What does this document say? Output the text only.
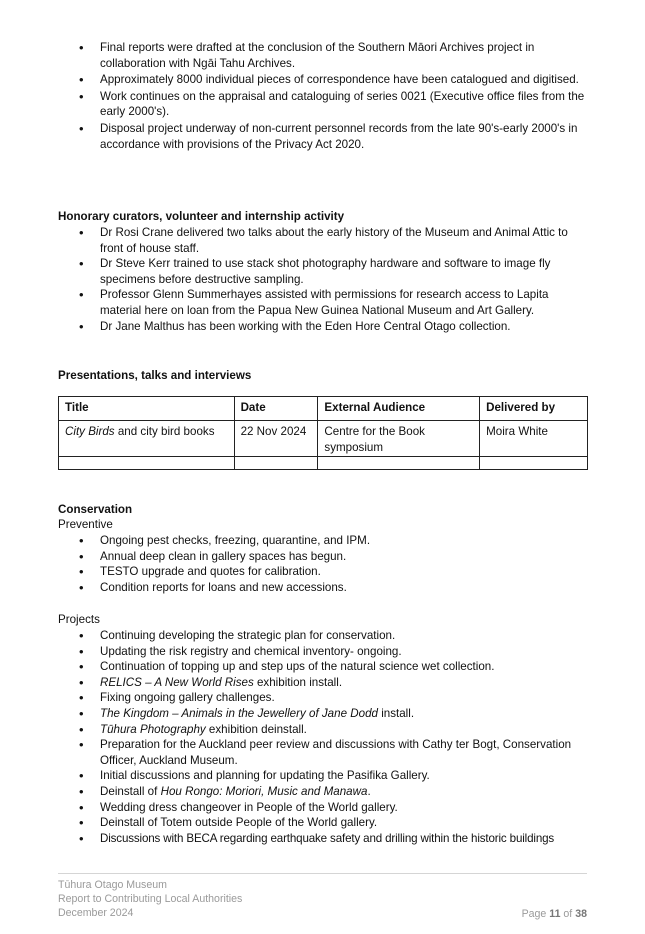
• Final reports were drafted at the conclusion of the Southern Māori Archives project in collaboration with Ngāi Tahu Archives.
• Approximately 8000 individual pieces of correspondence have been catalogued and digitised.
• Work continues on the appraisal and cataloguing of series 0021 (Executive office files from the early 2000's).
• Disposal project underway of non-current personnel records from the late 90's-early 2000's in accordance with provisions of the Privacy Act 2020.
Honorary curators, volunteer and internship activity
• Dr Rosi Crane delivered two talks about the early history of the Museum and Animal Attic to front of house staff.
• Dr Steve Kerr trained to use stack shot photography hardware and software to image fly specimens before destructive sampling.
• Professor Glenn Summerhayes assisted with permissions for research access to Lapita material here on loan from the Papua New Guinea National Museum and Art Gallery.
• Dr Jane Malthus has been working with the Eden Hore Central Otago collection.
Presentations, talks and interviews
Title	Date	External Audience	Delivered by
City Birds and city bird books	22 Nov 2024	Centre for the Book symposium	Moira White

Conservation
Preventive
• Ongoing pest checks, freezing, quarantine, and IPM.
• Annual deep clean in gallery spaces has begun.
• TESTO upgrade and quotes for calibration.
• Condition reports for loans and new accessions.
Projects
• Continuing developing the strategic plan for conservation.
• Updating the risk registry and chemical inventory- ongoing.
• Continuation of topping up and step ups of the natural science wet collection.
• RELICS – A New World Rises exhibition install.
• Fixing ongoing gallery challenges.
• The Kingdom – Animals in the Jewellery of Jane Dodd install.
• Tūhura Photography exhibition deinstall.
• Preparation for the Auckland peer review and discussions with Cathy ter Bogt, Conservation Officer, Auckland Museum.
• Initial discussions and planning for updating the Pasifika Gallery.
• Deinstall of Hou Rongo: Moriori, Music and Manawa.
• Wedding dress changeover in People of the World gallery.
• Deinstall of Totem outside People of the World gallery.
• Discussions with BECA regarding earthquake safety and drilling within the historic buildings
Tūhura Otago Museum
Report to Contributing Local Authorities
December 2024	Page 11 of 38
